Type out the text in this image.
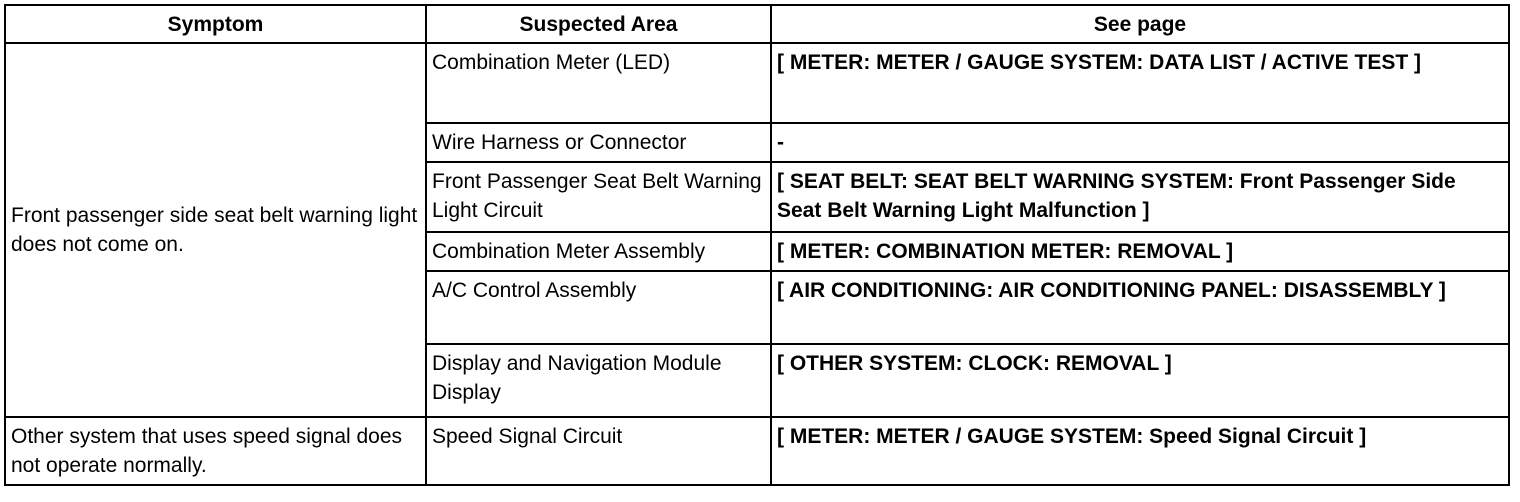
Symptom	Suspected Area	See page
Front passenger side seat belt warning light does not come on.	Combination Meter (LED)	[ METER: METER / GAUGE SYSTEM: DATA LIST / ACTIVE TEST ]
	Wire Harness or Connector	-
	Front Passenger Seat Belt Warning Light Circuit	[ SEAT BELT: SEAT BELT WARNING SYSTEM: Front Passenger Side Seat Belt Warning Light Malfunction ]
	Combination Meter Assembly	[ METER: COMBINATION METER: REMOVAL ]
	A/C Control Assembly	[ AIR CONDITIONING: AIR CONDITIONING PANEL: DISASSEMBLY ]
	Display and Navigation Module Display	[ OTHER SYSTEM: CLOCK: REMOVAL ]
Other system that uses speed signal does not operate normally.	Speed Signal Circuit	[ METER: METER / GAUGE SYSTEM: Speed Signal Circuit ]
